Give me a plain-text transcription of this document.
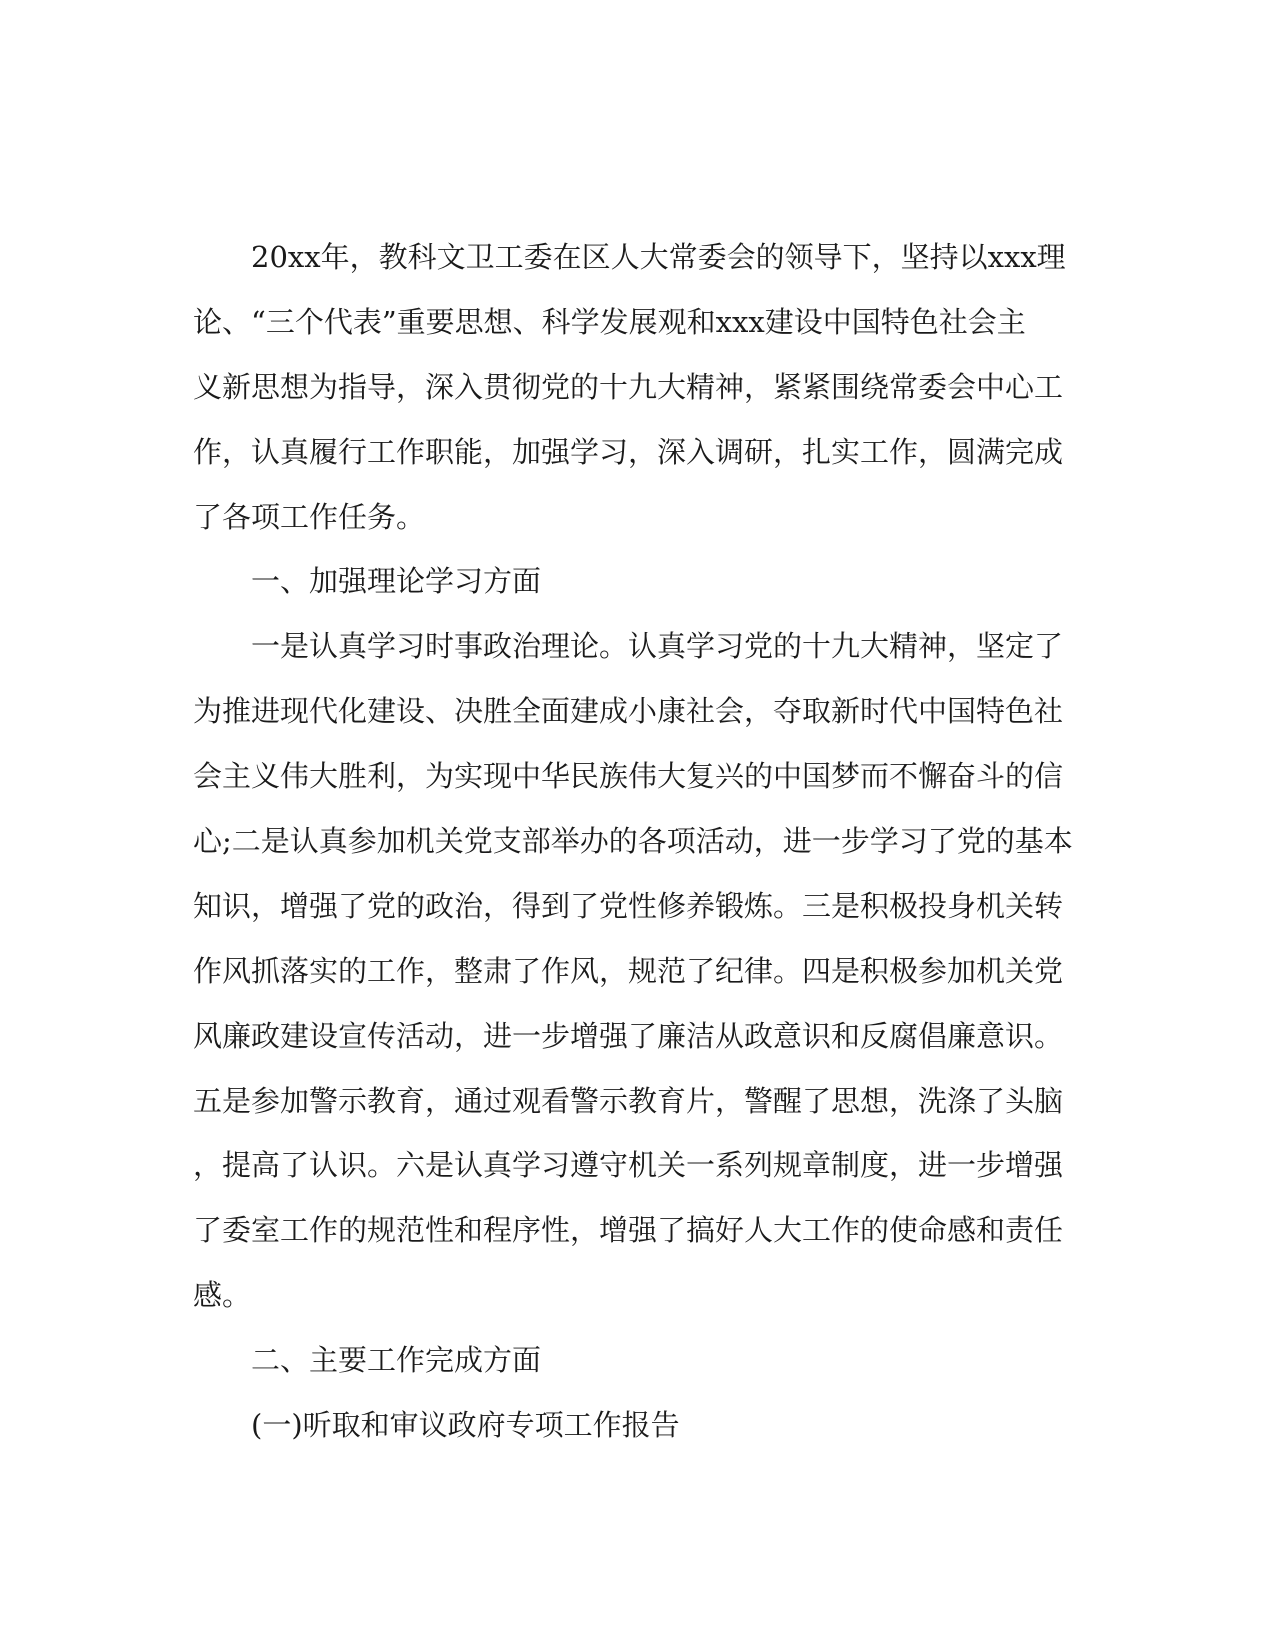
20xx年，教科文卫工委在区人大常委会的领导下，坚持以xxx理
论、“三个代表”重要思想、科学发展观和xxx建设中国特色社会主
义新思想为指导，深入贯彻党的十九大精神，紧紧围绕常委会中心工
作，认真履行工作职能，加强学习，深入调研，扎实工作，圆满完成
了各项工作任务。
一、加强理论学习方面
一是认真学习时事政治理论。认真学习党的十九大精神，坚定了
为推进现代化建设、决胜全面建成小康社会，夺取新时代中国特色社
会主义伟大胜利，为实现中华民族伟大复兴的中国梦而不懈奋斗的信
心;二是认真参加机关党支部举办的各项活动，进一步学习了党的基本
知识，增强了党的政治，得到了党性修养锻炼。三是积极投身机关转
作风抓落实的工作，整肃了作风，规范了纪律。四是积极参加机关党
风廉政建设宣传活动，进一步增强了廉洁从政意识和反腐倡廉意识。
五是参加警示教育，通过观看警示教育片，警醒了思想，洗涤了头脑
，提高了认识。六是认真学习遵守机关一系列规章制度，进一步增强
了委室工作的规范性和程序性，增强了搞好人大工作的使命感和责任
感。
二、主要工作完成方面
(一)听取和审议政府专项工作报告
